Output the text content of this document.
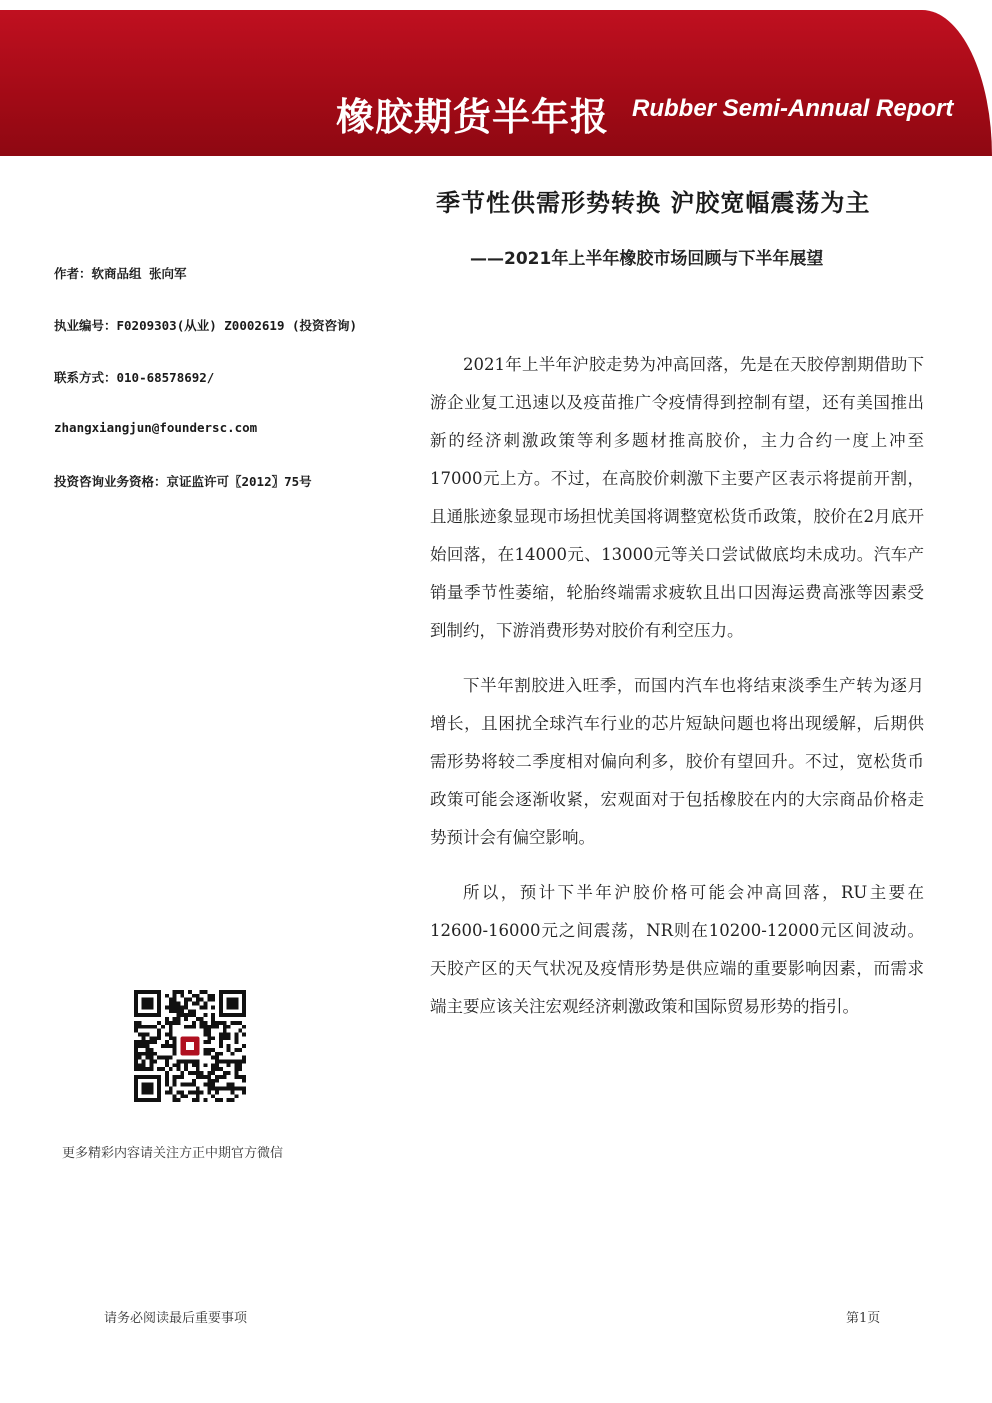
橡胶期货半年报 Rubber Semi-Annual Report
季节性供需形势转换 沪胶宽幅震荡为主
——2021年上半年橡胶市场回顾与下半年展望
作者：软商品组 张向军
执业编号：F0209303(从业) Z0002619 (投资咨询)
联系方式：010-68578692/
zhangxiangjun@foundersc.com
投资咨询业务资格：京证监许可〖2012〗75号

2021年上半年沪胶走势为冲高回落，先是在天胶停割期借助下游企业复工迅速以及疫苗推广令疫情得到控制有望，还有美国推出新的经济刺激政策等利多题材推高胶价，主力合约一度上冲至17000元上方。不过，在高胶价刺激下主要产区表示将提前开割，且通胀迹象显现市场担忧美国将调整宽松货币政策，胶价在2月底开始回落，在14000元、13000元等关口尝试做底均未成功。汽车产销量季节性萎缩，轮胎终端需求疲软且出口因海运费高涨等因素受到制约，下游消费形势对胶价有利空压力。

下半年割胶进入旺季，而国内汽车也将结束淡季生产转为逐月增长，且困扰全球汽车行业的芯片短缺问题也将出现缓解，后期供需形势将较二季度相对偏向利多，胶价有望回升。不过，宽松货币政策可能会逐渐收紧，宏观面对于包括橡胶在内的大宗商品价格走势预计会有偏空影响。

所以，预计下半年沪胶价格可能会冲高回落，RU主要在12600-16000元之间震荡，NR则在10200-12000元区间波动。天胶产区的天气状况及疫情形势是供应端的重要影响因素，而需求端主要应该关注宏观经济刺激政策和国际贸易形势的指引。

更多精彩内容请关注方正中期官方微信
请务必阅读最后重要事项	第1页
